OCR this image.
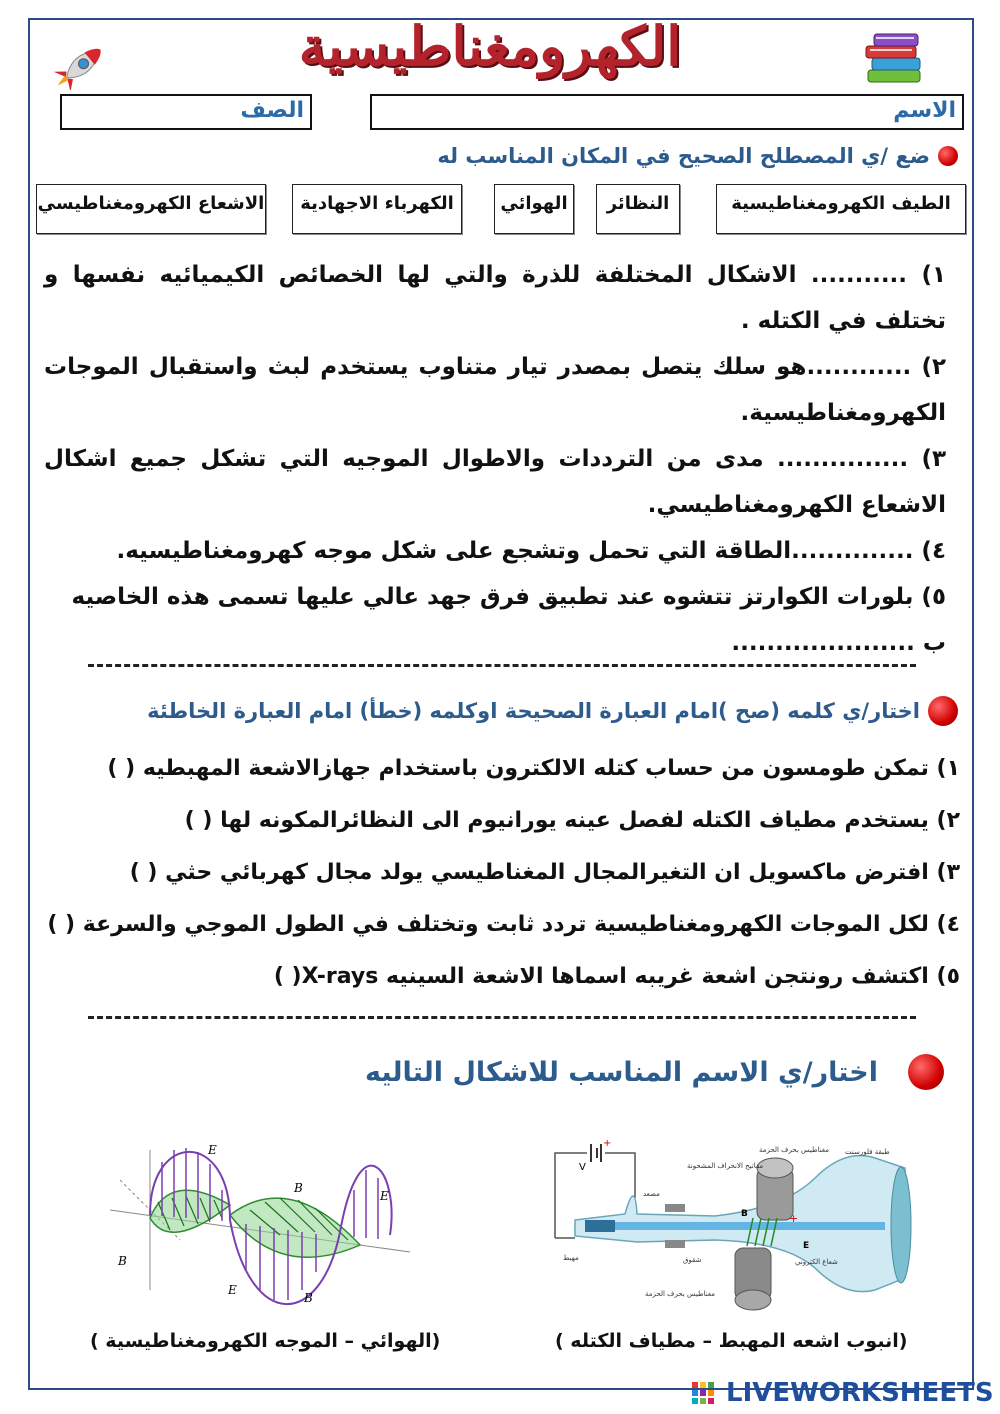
الكهرومغناطيسية
الاسم
الصف
ضع /ي المصطلح الصحيح في المكان المناسب له
الطيف الكهرومغناطيسية
النظائر
الهوائي
الكهرباء الاجهادية
الاشعاع الكهرومغناطيسي
١) ........... الاشكال المختلفة للذرة والتي لها الخصائص الكيميائيه نفسها و تختلف في الكتله .
٢) ............هو سلك يتصل بمصدر تيار متناوب يستخدم لبث واستقبال الموجات الكهرومغناطيسية.
٣) ............... مدى من الترددات والاطوال الموجيه التي تشكل جميع اشكال الاشعاع الكهرومغناطيسي.
٤) ..............الطاقة التي تحمل وتشجع على شكل موجه كهرومغناطيسيه.
٥) بلورات الكوارتز تتشوه عند تطبيق فرق جهد عالي عليها تسمى هذه الخاصيه
ب .....................
اختار/ي كلمه (صح )امام العبارة الصحيحة اوكلمه (خطأ) امام العبارة الخاطئة
١) تمكن طومسون من حساب كتله الالكترون باستخدام جهازالاشعة المهبطيه ( )
٢) يستخدم مطياف الكتله لفصل عينه يورانيوم الى النظائرالمكونه لها ( )
٣) افترض ماكسويل ان التغيرالمجال المغناطيسي يولد مجال كهربائي حثي ( )
٤) لكل الموجات الكهرومغناطيسية تردد ثابت وتختلف في الطول الموجي والسرعة ( )
٥) اكتشف رونتجن اشعة غريبه اسماها الاشعة السينيه X-rays( )
اختار/ي الاسم المناسب للاشكال التاليه
E
B
E
B
E
B
+
V
B
E
+
مفاتيح الانحراف المشحونة
مصعد
مهبط	شقوق
مغناطيس بحرف الحزمة
مغناطيس بحرف الحزمة
طبقة فلورسنت
شعاع الكتروني
(الهوائي – الموجه الكهرومغناطيسية )	(انبوب اشعه المهبط – مطياف الكتله )
LIVEWORKSHEETS
